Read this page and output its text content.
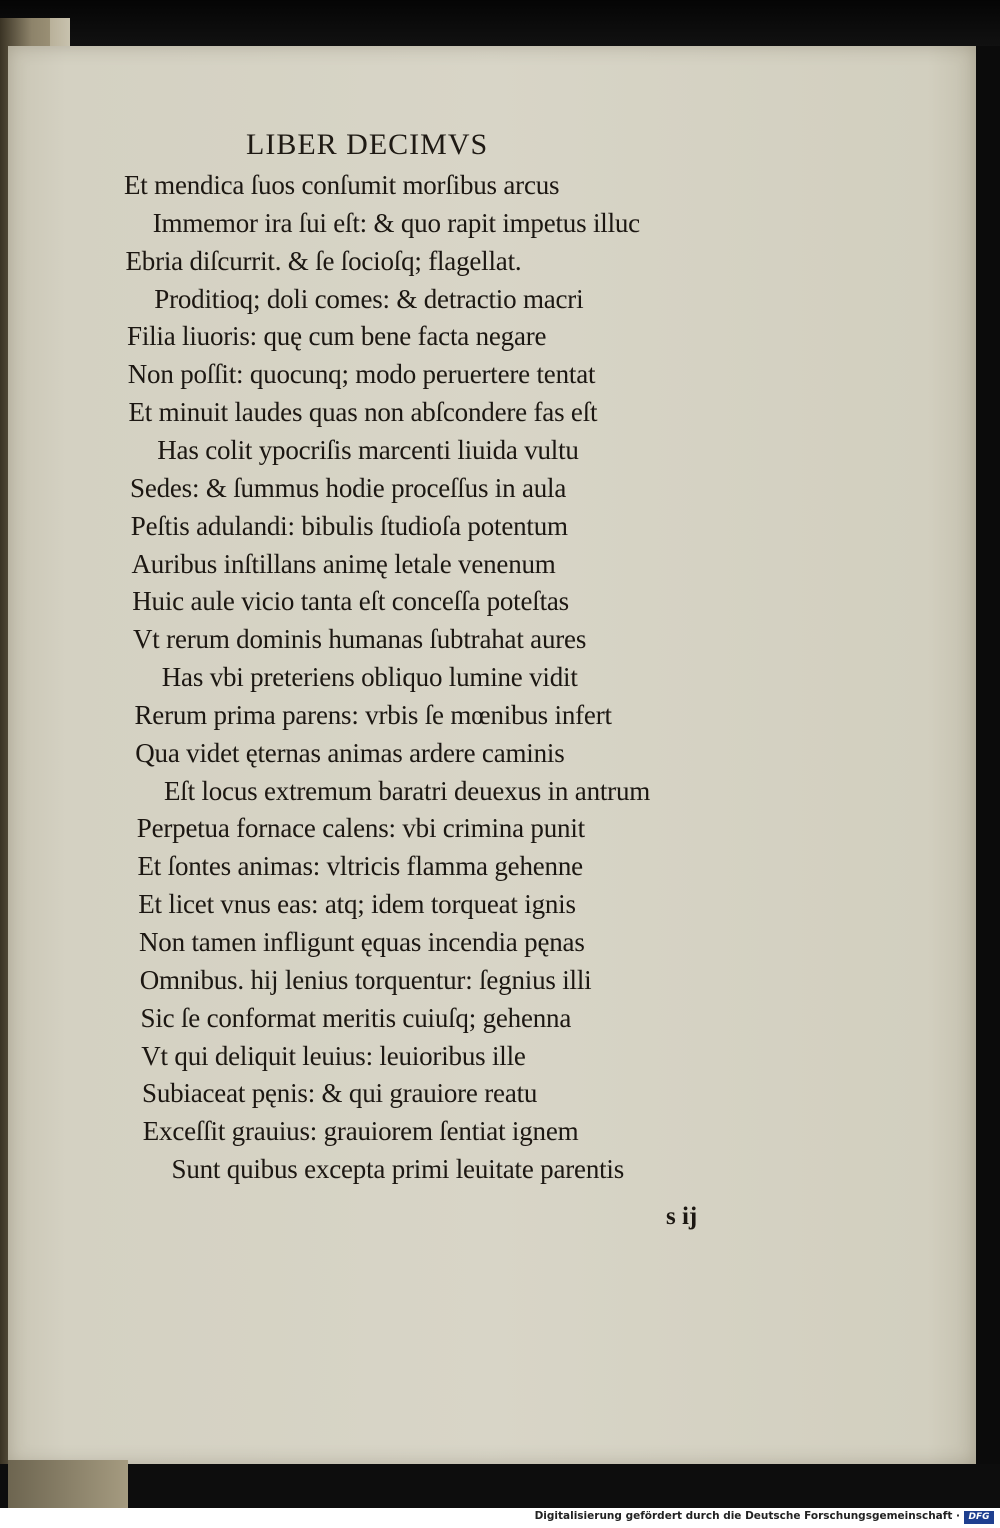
LIBER DECIMVS
Et mendica ſuos conſumit morſibus arcus
Immemor ira ſui eſt: & quo rapit impetus illuc
Ebria diſcurrit. & ſe ſocioſq; flagellat.
Proditioq; doli comes: & detractio macri
Filia liuoris: quę cum bene facta negare
Non poſſit: quocunq; modo peruertere tentat
Et minuit laudes quas non abſcondere fas eſt
Has colit ypocriſis marcenti liuida vultu
Sedes: & ſummus hodie proceſſus in aula
Peſtis adulandi: bibulis ſtudioſa potentum
Auribus inſtillans animę letale venenum
Huic aule vicio tanta eſt conceſſa poteſtas
Vt rerum dominis humanas ſubtrahat aures
Has vbi preteriens obliquo lumine vidit
Rerum prima parens: vrbis ſe mœnibus infert
Qua videt ęternas animas ardere caminis
Eſt locus extremum baratri deuexus in antrum
Perpetua fornace calens: vbi crimina punit
Et ſontes animas: vltricis flamma gehenne
Et licet vnus eas: atq; idem torqueat ignis
Non tamen infligunt ęquas incendia pęnas
Omnibus. hij lenius torquentur: ſegnius illi
Sic ſe conformat meritis cuiuſq; gehenna
Vt qui deliquit leuius: leuioribus ille
Subiaceat pęnis: & qui grauiore reatu
Exceſſit grauius: grauiorem ſentiat ignem
Sunt quibus excepta primi leuitate parentis
s ij
Digitalisierung gefördert durch die Deutsche Forschungsgemeinschaft · DFG
